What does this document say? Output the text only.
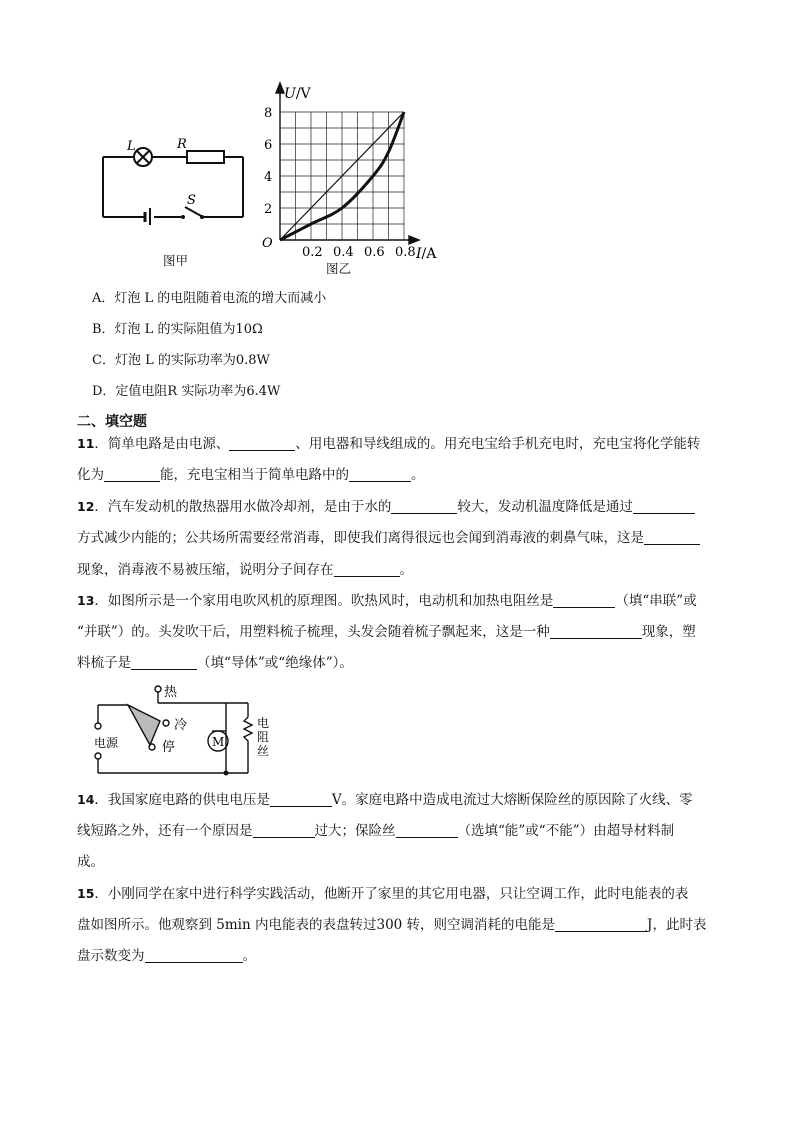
L	R
S
图甲
U/V
I/A
O
8
6
4
2
0.2 0.4 0.6 0.8
图乙
A．灯泡 L 的电阻随着电流的增大而减小
B．灯泡 L 的实际阻值为10Ω
C．灯泡 L 的实际功率为0.8W
D．定值电阻R 实际功率为6.4W
二、填空题
11．简单电路是由电源、	、用电器和导线组成的。用充电宝给手机充电时，充电宝将化学能转
化为	能，充电宝相当于简单电路中的	。
12．汽车发动机的散热器用水做冷却剂，是由于水的	较大，发动机温度降低是通过
方式减少内能的；公共场所需要经常消毒，即使我们离得很远也会闻到消毒液的刺鼻气味，这是
现象，消毒液不易被压缩，说明分子间存在	。
13．如图所示是一个家用电吹风机的原理图。吹热风时，电动机和加热电阻丝是	（填“串联”或
“并联”）的。头发吹干后，用塑料梳子梳理，头发会随着梳子飘起来，这是一种	现象，塑
料梳子是	（填“导体”或“绝缘体”）。
热
冷
停
电源	M
电
阻
丝
14．我国家庭电路的供电电压是	V。家庭电路中造成电流过大熔断保险丝的原因除了火线、零
线短路之外，还有一个原因是	过大；保险丝	（选填“能”或“不能”）由超导材料制
成。
15．小刚同学在家中进行科学实践活动，他断开了家里的其它用电器，只让空调工作，此时电能表的表
盘如图所示。他观察到 5min 内电能表的表盘转过300 转，则空调消耗的电能是	J，此时表
盘示数变为	。
